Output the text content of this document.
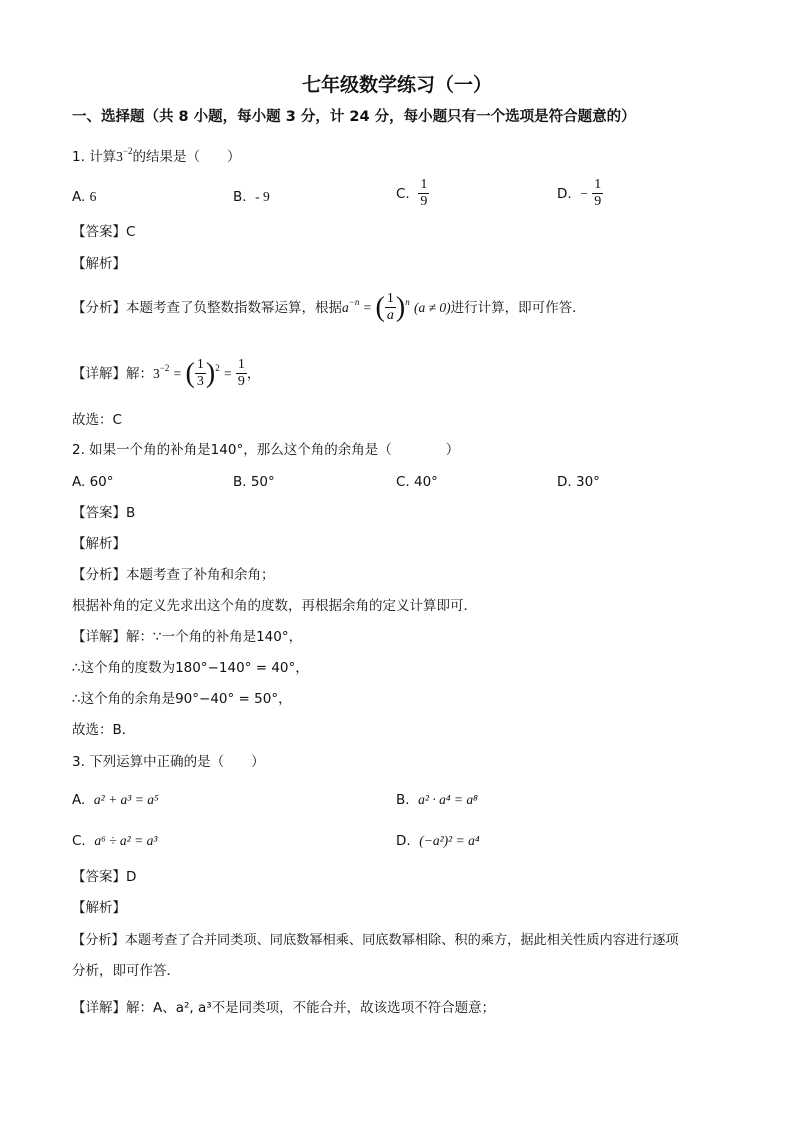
七年级数学练习（一）
一、选择题（共 8 小题，每小题 3 分，计 24 分，每小题只有一个选项是符合题意的）
1. 计算$3^{-2}$的结果是（　　）
A. 6	B. - 9	C. $\frac{1}{9}$	D. − $\frac{1}{9}$
【答案】C
【解析】
【分析】本题考查了负整数指数幂运算，根据$a^{-n}$ = ( $\frac{1}{a} )^n$ (a ≠ 0)进行计算，即可作答．
【详解】解：$3^{-2}$ = ( $\frac{1}{3} )^2 = \frac{1}{9}$ ，
故选：C
2. 如果一个角的补角是140°，那么这个角的余角是（　　　　）
A. 60°	B. 50°	C. 40°	D. 30°
【答案】B
【解析】
【分析】本题考查了补角和余角；
根据补角的定义先求出这个角的度数，再根据余角的定义计算即可．
【详解】解：∵一个角的补角是140°，
∴这个角的度数为180°−140° = 40°，
∴这个角的余角是90°−40° = 50°，
故选：B．
3. 下列运算中正确的是（　　）
A. a² + a³ = a⁵	B. a² · a⁴ = a⁸
C. a⁶ ÷ a² = a³	D. (−a²)² = a⁴
【答案】D
【解析】
【分析】本题考查了合并同类项、同底数幂相乘、同底数幂相除、积的乘方，据此相关性质内容进行逐项
分析，即可作答．
【详解】解：A、a², a³不是同类项，不能合并，故该选项不符合题意；
